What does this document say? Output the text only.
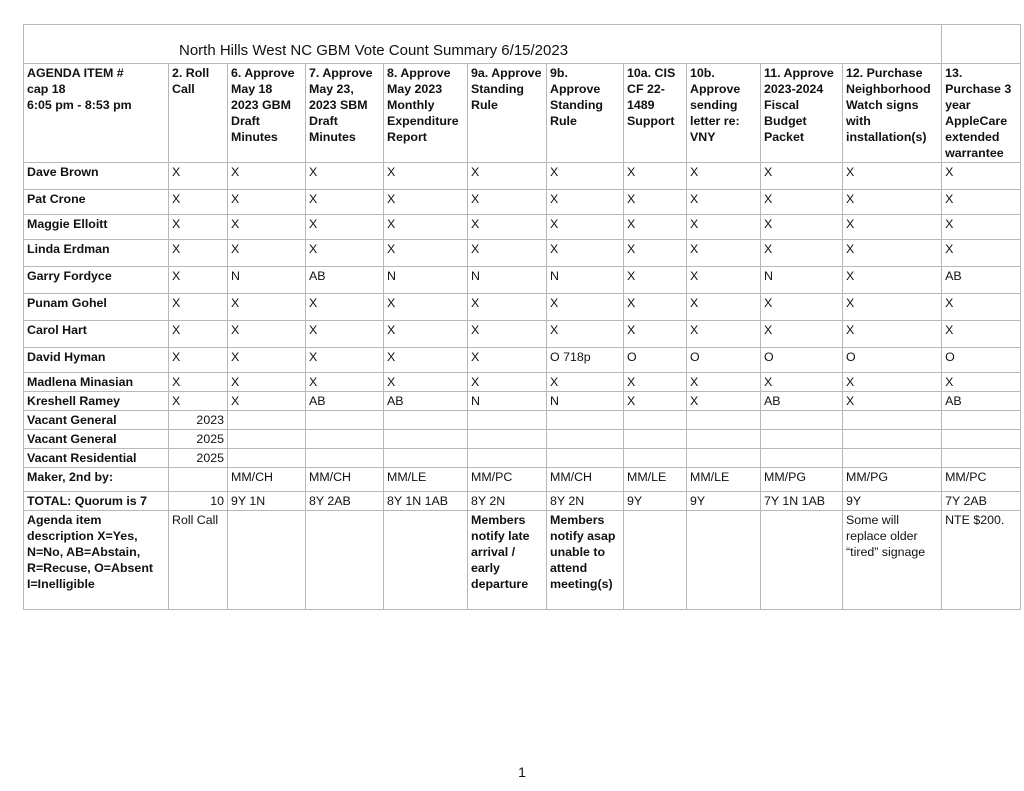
North Hills West NC GBM Vote Count Summary 6/15/2023											

AGENDA ITEM #
cap 18
6:05 pm - 8:53 pm	2. Roll Call	6. Approve May 18 2023 GBM Draft Minutes	7. Approve May 23, 2023 SBM Draft Minutes	8. Approve May 2023 Monthly Expenditure Report	9a. Approve Standing Rule	9b. Approve Standing Rule	10a. CIS CF 22-1489 Support	10b. Approve sending letter re: VNY	11. Approve 2023-2024 Fiscal Budget Packet	12. Purchase Neighborhood Watch signs with installation(s)	13. Purchase 3 year AppleCare extended warrantee
Dave Brown	X	X	X	X	X	X	X	X	X	X	X
Pat Crone	X	X	X	X	X	X	X	X	X	X	X
Maggie Elloitt	X	X	X	X	X	X	X	X	X	X	X
Linda Erdman	X	X	X	X	X	X	X	X	X	X	X
Garry Fordyce	X	N	AB	N	N	N	X	X	N	X	AB
Punam Gohel	X	X	X	X	X	X	X	X	X	X	X
Carol Hart	X	X	X	X	X	X	X	X	X	X	X
David Hyman	X	X	X	X	X	O 718p	O	O	O	O	O
Madlena Minasian	X	X	X	X	X	X	X	X	X	X	X
Kreshell Ramey	X	X	AB	AB	N	N	X	X	AB	X	AB
Vacant General	2023										
Vacant General	2025										
Vacant Residential	2025										
Maker, 2nd by:		MM/CH	MM/CH	MM/LE	MM/PC	MM/CH	MM/LE	MM/LE	MM/PG	MM/PG	MM/PC
TOTAL: Quorum is 7	10	9Y 1N	8Y 2AB	8Y 1N 1AB	8Y 2N	8Y 2N	9Y	9Y	7Y 1N 1AB	9Y	7Y 2AB
Agenda item description X=Yes, N=No, AB=Abstain, R=Recuse, O=Absent I=Inelligible	Roll Call				Members notify late arrival / early departure	Members notify asap unable to attend meeting(s)				Some will replace older “tired” signage	NTE $200.
1
